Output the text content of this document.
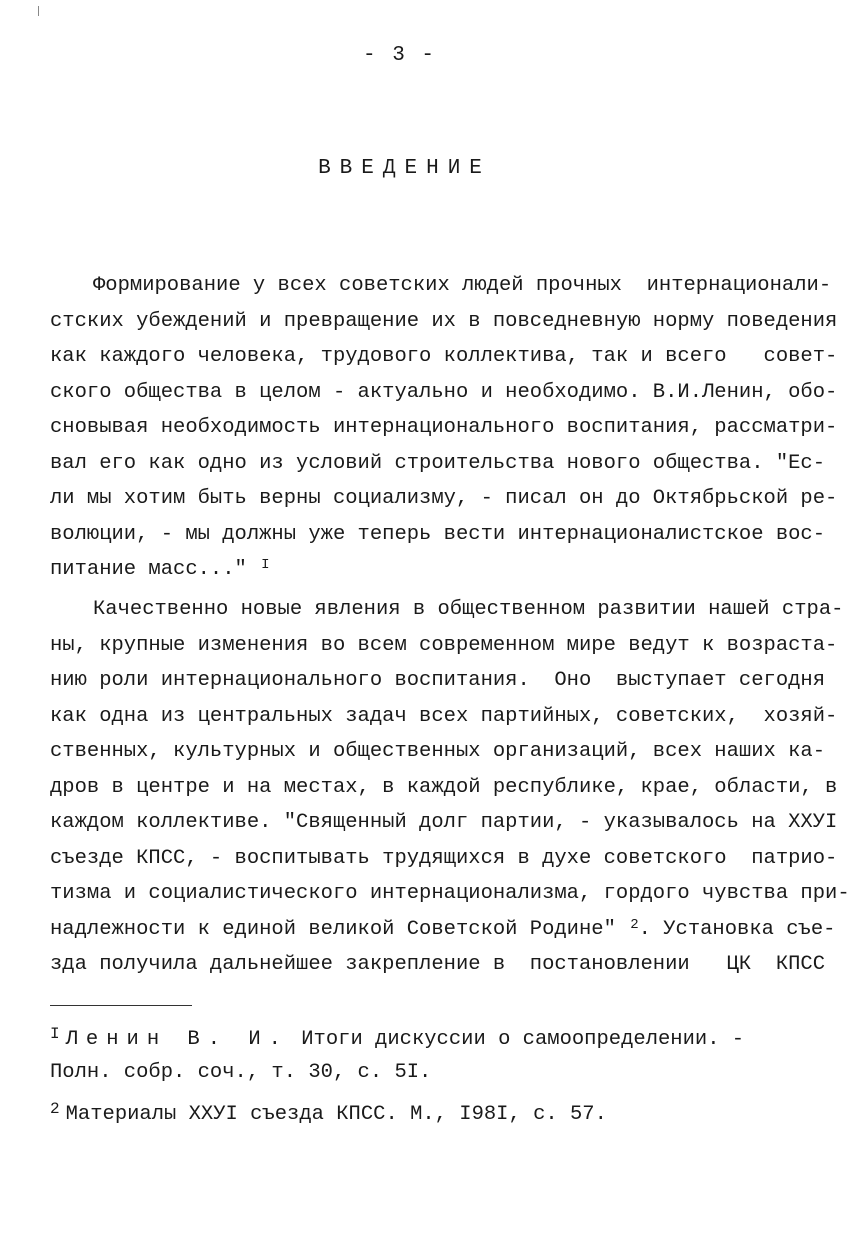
- 3 -
ВВЕДЕНИЕ
Формирование у всех советских людей прочных  интернационали-
стских убеждений и превращение их в повседневную норму поведения
как каждого человека, трудового коллектива, так и всего   совет-
ского общества в целом - актуально и необходимо. В.И.Ленин, обо-
сновывая необходимость интернационального воспитания, рассматри-
вал его как одно из условий строительства нового общества. "Ес-
ли мы хотим быть верны социализму, - писал он до Октябрьской ре-
волюции, - мы должны уже теперь вести интернационалистское вос-
питание масс..." $^I$
Качественно новые явления в общественном развитии нашей стра-
ны, крупные изменения во всем современном мире ведут к возраста-
нию роли интернационального воспитания.  Оно  выступает сегодня
как одна из центральных задач всех партийных, советских,  хозяй-
ственных, культурных и общественных организаций, всех наших ка-
дров в центре и на местах, в каждой республике, крае, области, в
каждом коллективе. "Священный долг партии, - указывалось на ХХУI
съезде КПСС, - воспитывать трудящихся в духе советского  патрио-
тизма и социалистического интернационализма, гордого чувства при-
надлежности к единой великой Советской Родине" $^2$. Установка съе-
зда получила дальнейшее закрепление в  постановлении   ЦК  КПСС
$^I$ Ленин В. И. Итоги дискуссии о самоопределении. -
Полн. собр. соч., т. 30, с. 5I.
$^2$ Материалы ХХУI съезда КПСС. М., I98I, с. 57.
